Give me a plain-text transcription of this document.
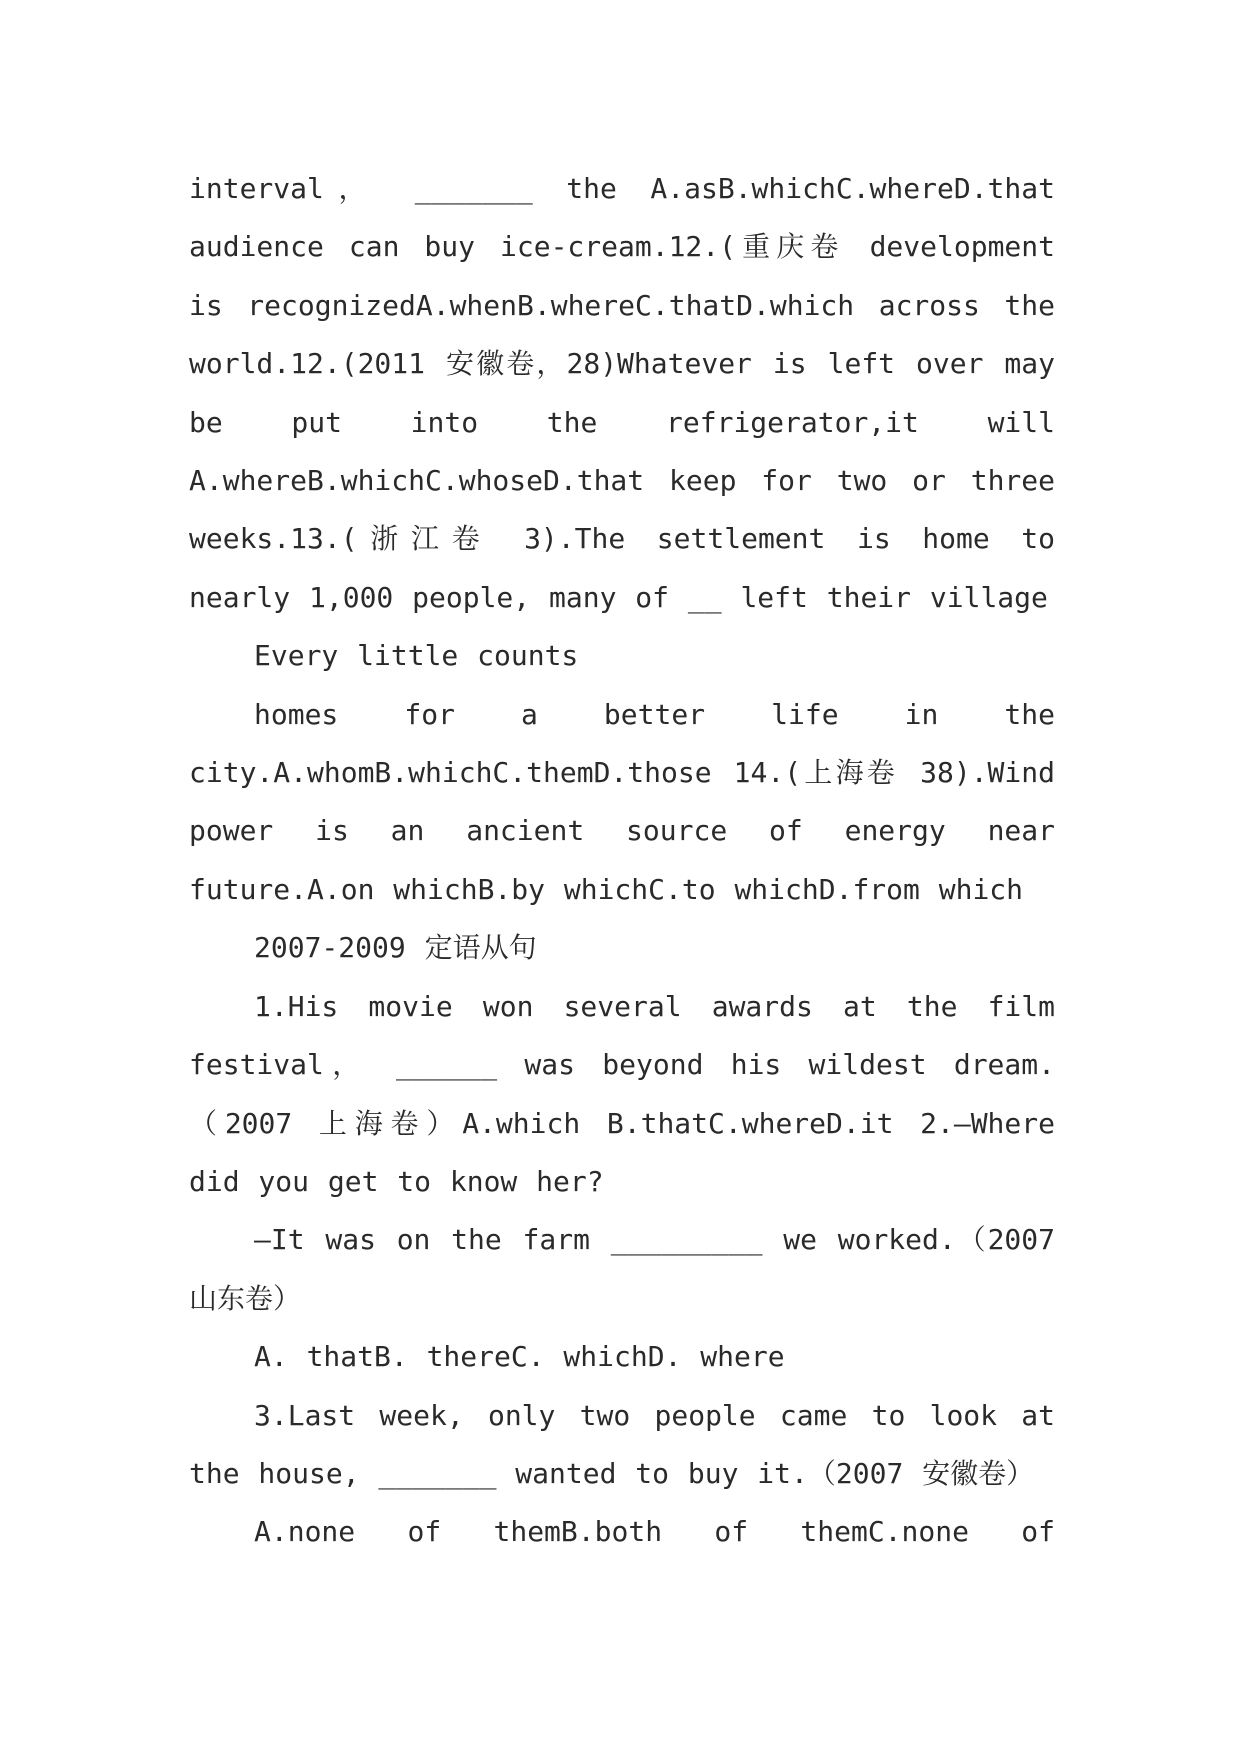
interval， _______ the A.asB.whichC.whereD.that audience can buy ice-cream.12.(重庆卷 development is recognizedA.whenB.whereC.thatD.which across the world.12.(2011 安徽卷，28)Whatever is left over may be put into the refrigerator,it will A.whereB.whichC.whoseD.that keep for two or three weeks.13.(浙江卷 3).The settlement is home to nearly 1,000 people, many of __ left their village

Every little counts

homes for a better life in the city.A.whomB.whichC.themD.those 14.(上海卷 38).Wind power is an ancient source of energy near future.A.on whichB.by whichC.to whichD.from which

2007-2009 定语从句

1.His movie won several awards at the film festival， ______ was beyond his wildest dream.（2007 上海卷）A.which B.thatC.whereD.it 2.—Where did you get to know her?

—It was on the farm _________ we worked.（2007 山东卷）

A. thatB. thereC. whichD. where

3.Last week, only two people came to look at the house, _______ wanted to buy it.（2007 安徽卷）

A.none of themB.both of themC.none of
